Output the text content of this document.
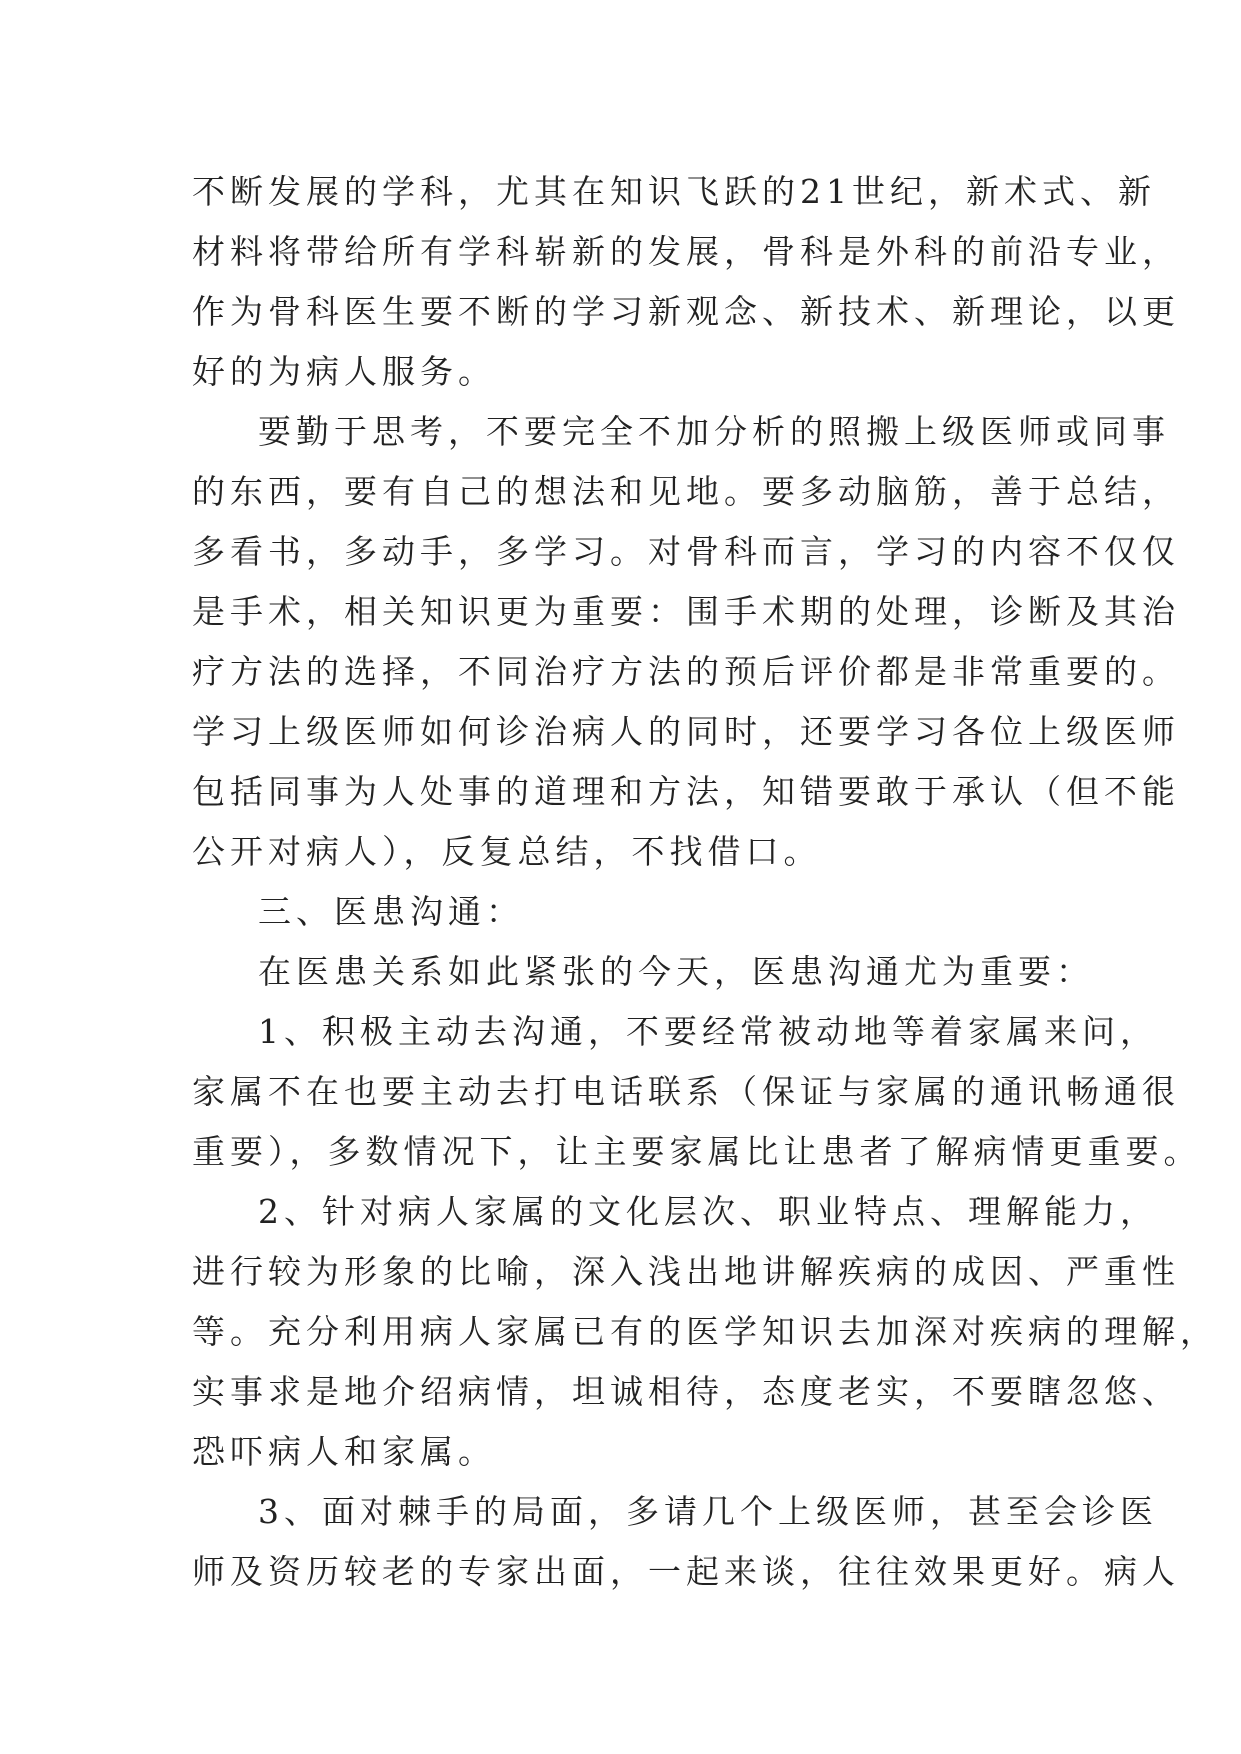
不断发展的学科，尤其在知识飞跃的21世纪，新术式、新
材料将带给所有学科崭新的发展，骨科是外科的前沿专业，
作为骨科医生要不断的学习新观念、新技术、新理论，以更
好的为病人服务。
要勤于思考，不要完全不加分析的照搬上级医师或同事
的东西，要有自己的想法和见地。要多动脑筋，善于总结，
多看书，多动手，多学习。对骨科而言，学习的内容不仅仅
是手术，相关知识更为重要：围手术期的处理，诊断及其治
疗方法的选择，不同治疗方法的预后评价都是非常重要的。
学习上级医师如何诊治病人的同时，还要学习各位上级医师
包括同事为人处事的道理和方法，知错要敢于承认（但不能
公开对病人），反复总结，不找借口。
三、医患沟通：
在医患关系如此紧张的今天，医患沟通尤为重要：
1、积极主动去沟通，不要经常被动地等着家属来问，
家属不在也要主动去打电话联系（保证与家属的通讯畅通很
重要），多数情况下，让主要家属比让患者了解病情更重要。
2、针对病人家属的文化层次、职业特点、理解能力，
进行较为形象的比喻，深入浅出地讲解疾病的成因、严重性
等。充分利用病人家属已有的医学知识去加深对疾病的理解，
实事求是地介绍病情，坦诚相待，态度老实，不要瞎忽悠、
恐吓病人和家属。
3、面对棘手的局面，多请几个上级医师，甚至会诊医
师及资历较老的专家出面，一起来谈，往往效果更好。病人
